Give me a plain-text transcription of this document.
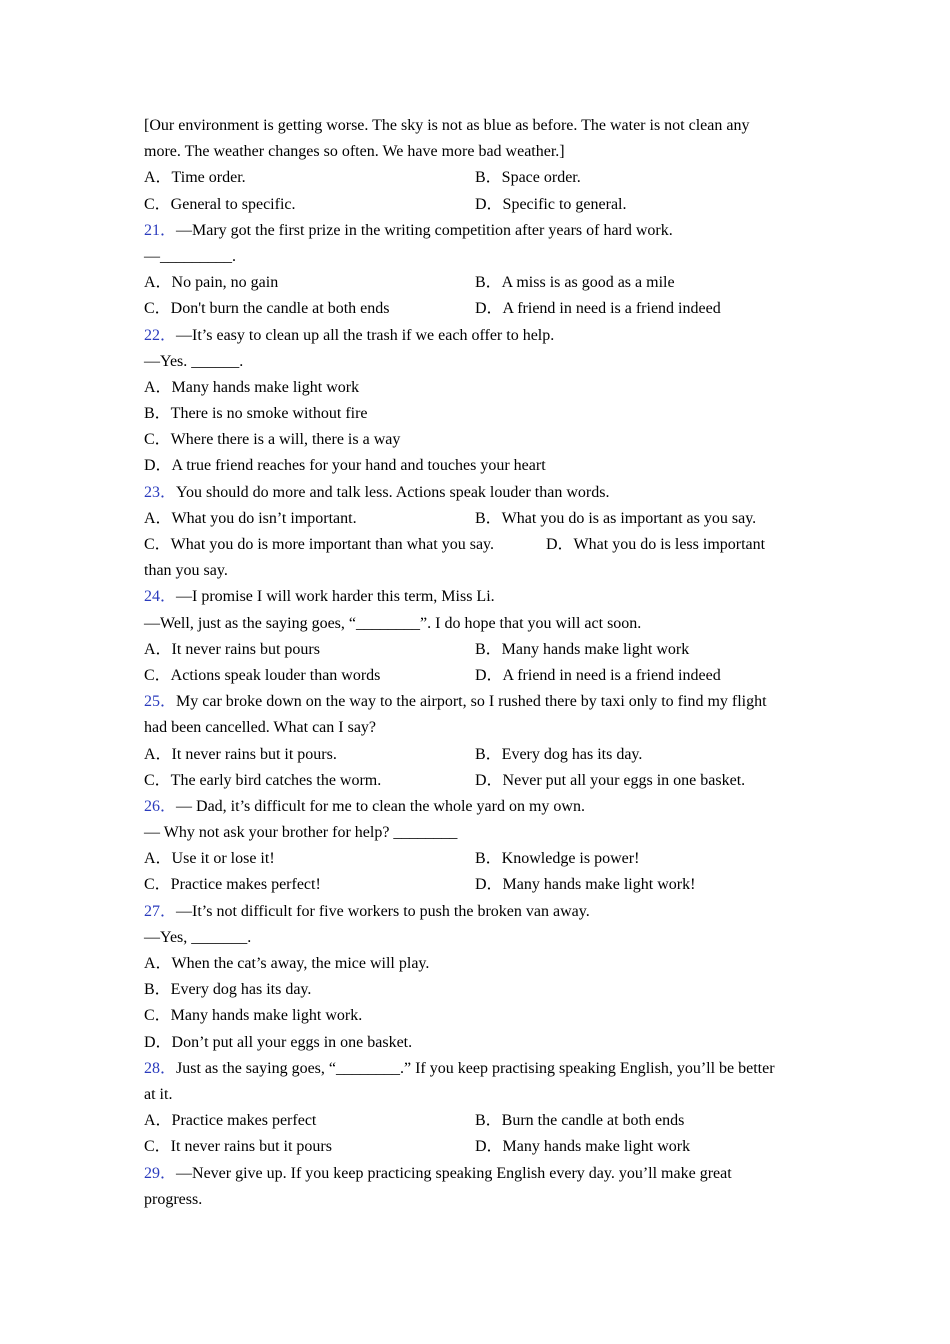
[Our environment is getting worse. The sky is not as blue as before. The water is not clean any
more. The weather changes so often. We have more bad weather.]
A．Time order.	B．Space order.
C．General to specific.	D．Specific to general.
21．—Mary got the first prize in the writing competition after years of hard work.
—_________.
A．No pain, no gain	B．A miss is as good as a mile
C．Don't burn the candle at both ends	D．A friend in need is a friend indeed
22．—It’s easy to clean up all the trash if we each offer to help.
—Yes. ______.
A．Many hands make light work
B．There is no smoke without fire
C．Where there is a will, there is a way
D．A true friend reaches for your hand and touches your heart
23．You should do more and talk less. Actions speak louder than words.
A．What you do isn’t important.	B．What you do is as important as you say.
C．What you do is more important than what you say.	D．What you do is less important
than you say.
24．—I promise I will work harder this term, Miss Li.
—Well, just as the saying goes, “________”. I do hope that you will act soon.
A．It never rains but pours	B．Many hands make light work
C．Actions speak louder than words	D．A friend in need is a friend indeed
25．My car broke down on the way to the airport, so I rushed there by taxi only to find my flight
had been cancelled. What can I say?
A．It never rains but it pours.	B．Every dog has its day.
C．The early bird catches the worm.	D．Never put all your eggs in one basket.
26．— Dad, it’s difficult for me to clean the whole yard on my own.
— Why not ask your brother for help? ________
A．Use it or lose it!	B．Knowledge is power!
C．Practice makes perfect!	D．Many hands make light work!
27．—It’s not difficult for five workers to push the broken van away.
—Yes, _______.
A．When the cat’s away, the mice will play.
B．Every dog has its day.
C．Many hands make light work.
D．Don’t put all your eggs in one basket.
28．Just as the saying goes, “________.” If you keep practising speaking English, you’ll be better
at it.
A．Practice makes perfect	B．Burn the candle at both ends
C．It never rains but it pours	D．Many hands make light work
29．—Never give up. If you keep practicing speaking English every day. you’ll make great
progress.
